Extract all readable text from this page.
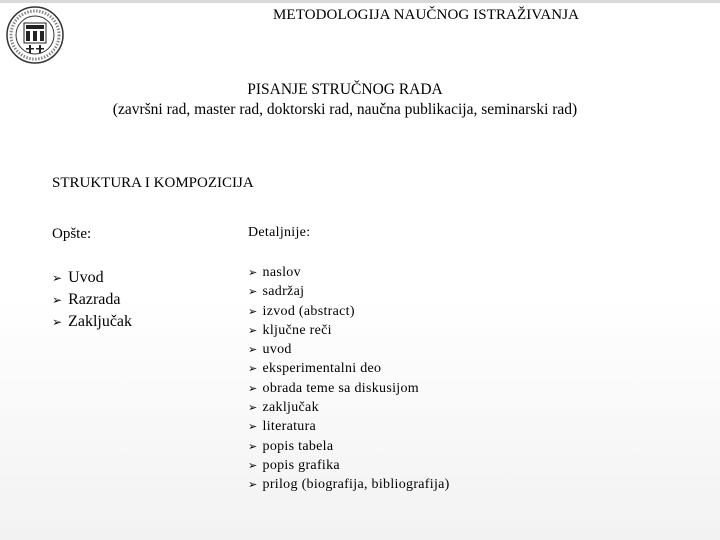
METODOLOGIJA NAUČNOG ISTRAŽIVANJA
PISANJE STRUČNOG RADA
(završni rad, master rad, doktorski rad, naučna publikacija, seminarski rad)
STRUKTURA I KOMPOZICIJA
Opšte:	Detaljnije:
➢ Uvod
➢ Razrada
➢ Zaključak
➢ naslov
➢ sadržaj
➢ izvod (abstract)
➢ ključne reči
➢ uvod
➢ eksperimentalni deo
➢ obrada teme sa diskusijom
➢ zaključak
➢ literatura
➢ popis tabela
➢ popis grafika
➢ prilog (biografija, bibliografija)
